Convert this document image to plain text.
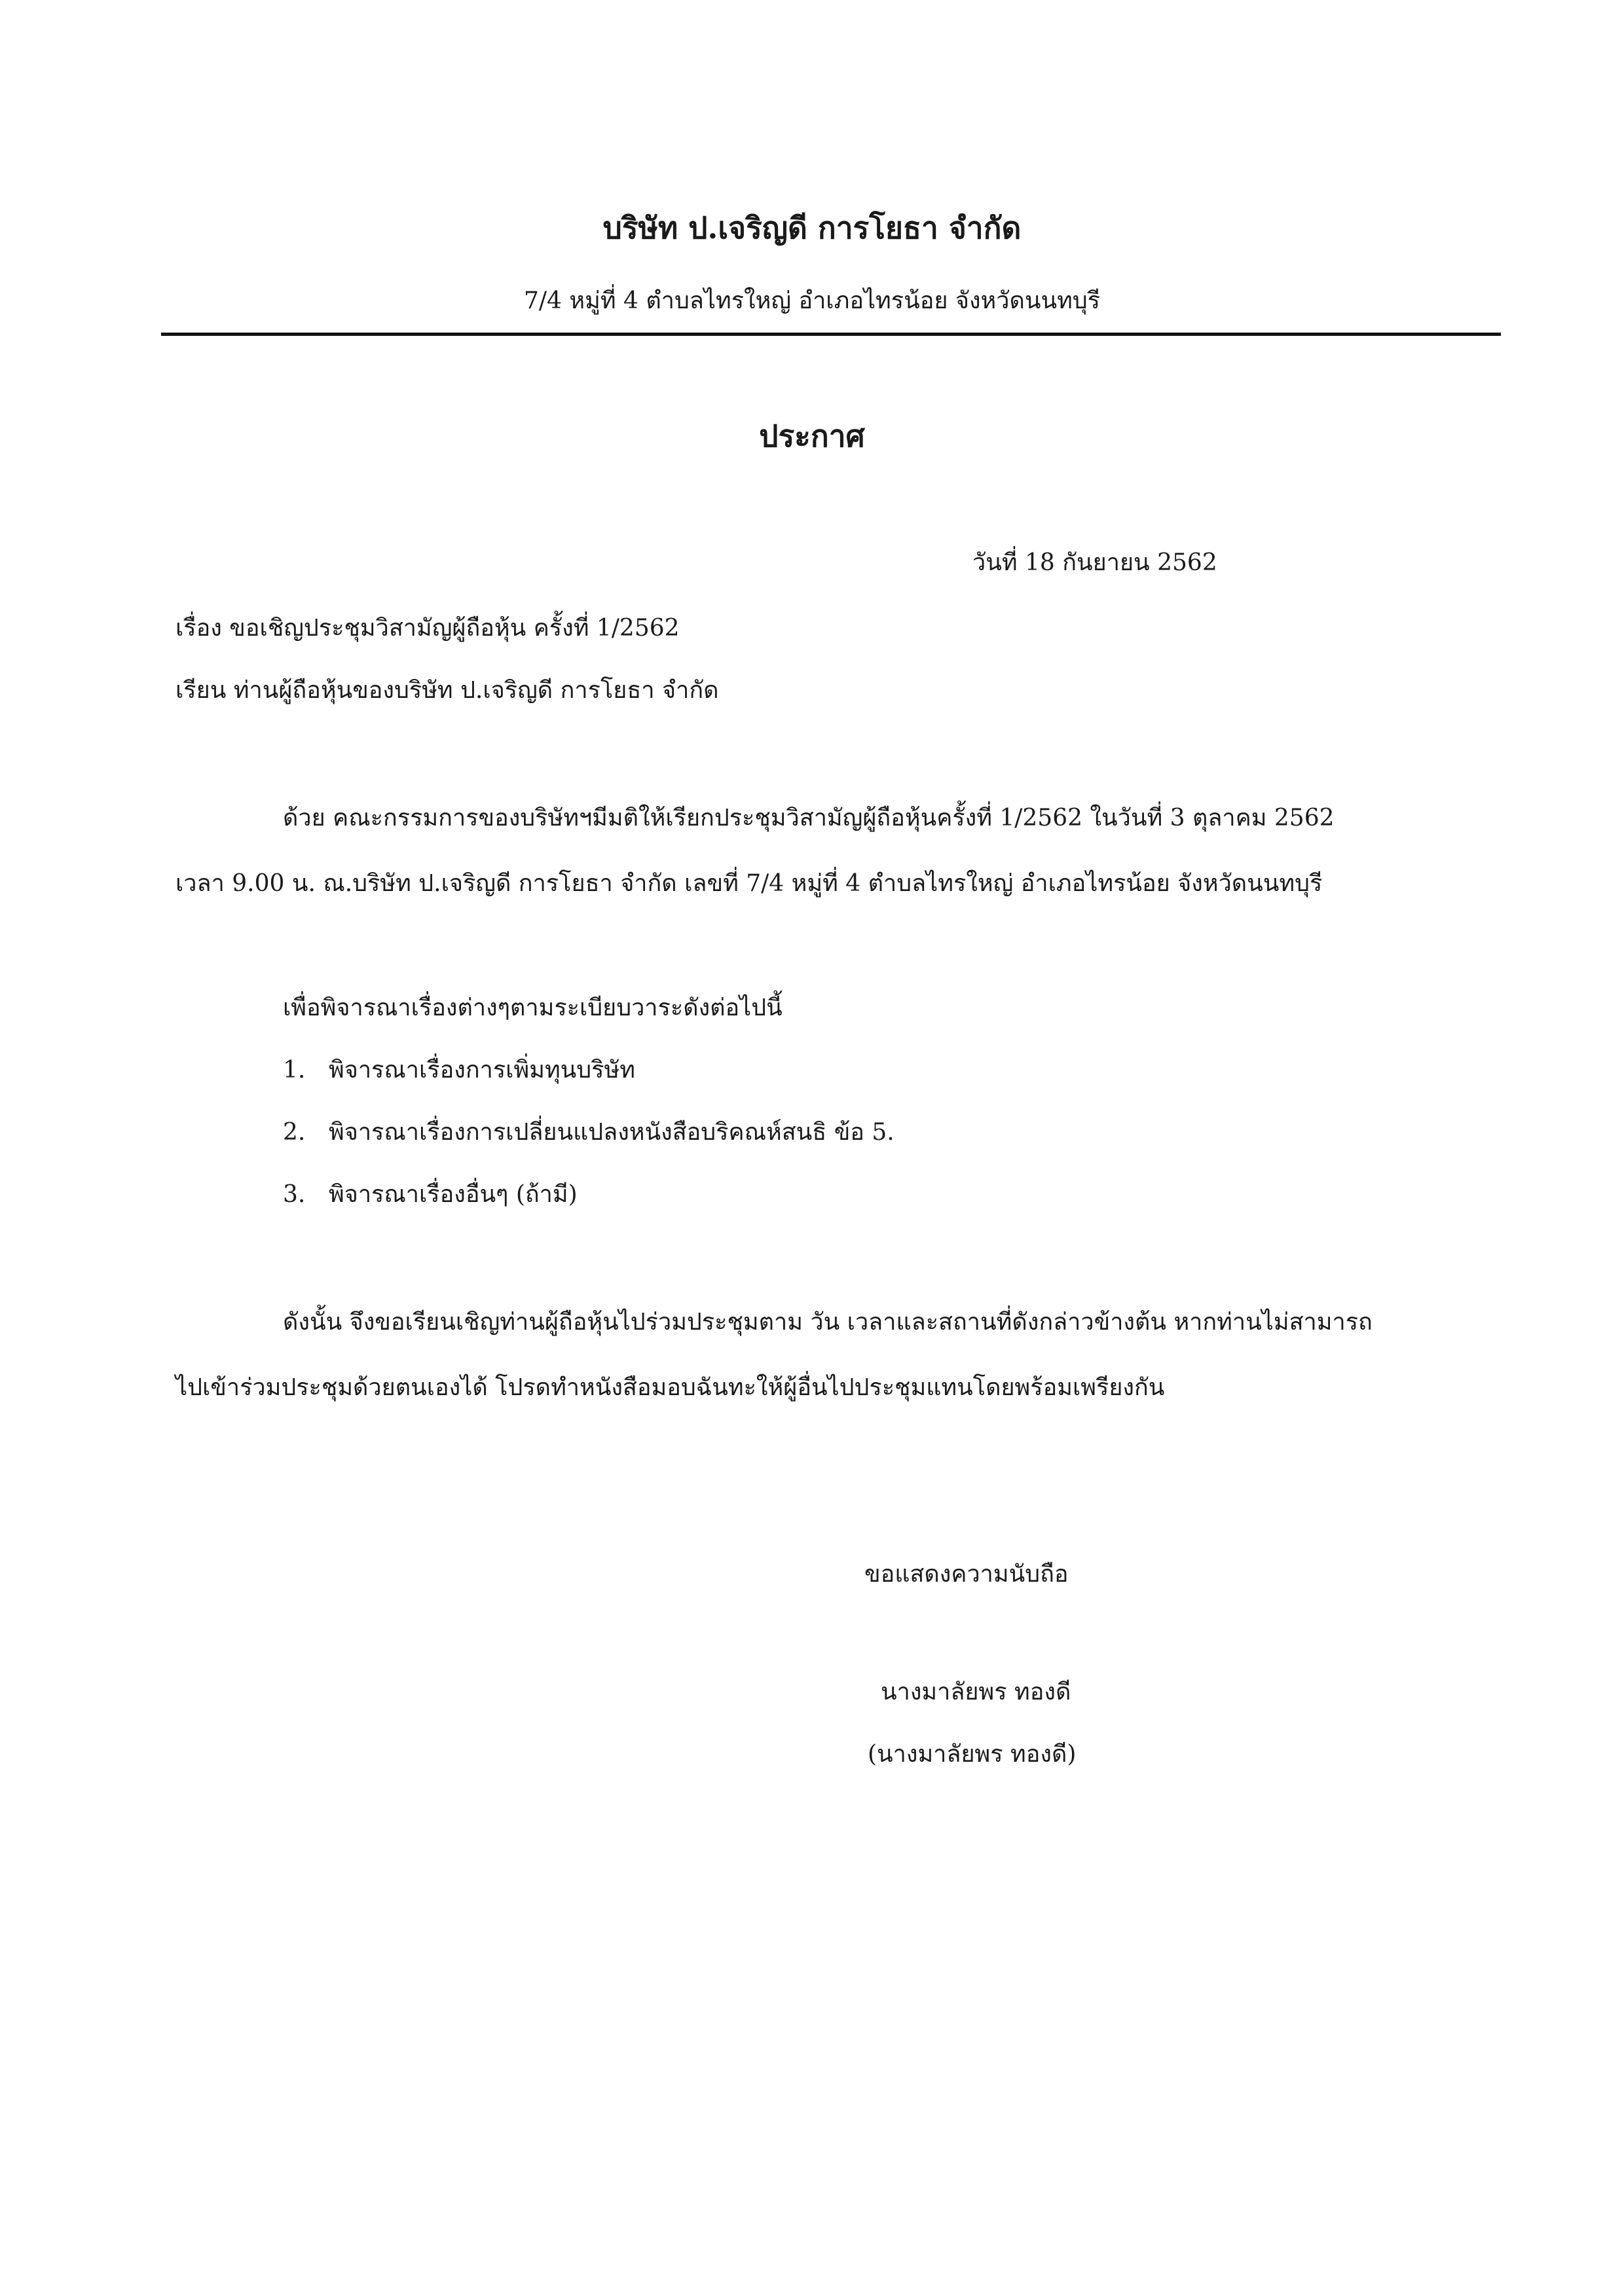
บริษัท ป.เจริญดี การโยธา จำกัด
7/4 หมู่ที่ 4 ตำบลไทรใหญ่ อำเภอไทรน้อย จังหวัดนนทบุรี
ประกาศ
วันที่ 18 กันยายน 2562
เรื่อง ขอเชิญประชุมวิสามัญผู้ถือหุ้น ครั้งที่ 1/2562
เรียน ท่านผู้ถือหุ้นของบริษัท ป.เจริญดี การโยธา จำกัด
ด้วย คณะกรรมการของบริษัทฯมีมติให้เรียกประชุมวิสามัญผู้ถือหุ้นครั้งที่ 1/2562 ในวันที่ 3 ตุลาคม 2562
เวลา 9.00 น. ณ.บริษัท ป.เจริญดี การโยธา จำกัด เลขที่ 7/4 หมู่ที่ 4 ตำบลไทรใหญ่ อำเภอไทรน้อย จังหวัดนนทบุรี
เพื่อพิจารณาเรื่องต่างๆตามระเบียบวาระดังต่อไปนี้
1. พิจารณาเรื่องการเพิ่มทุนบริษัท
2. พิจารณาเรื่องการเปลี่ยนแปลงหนังสือบริคณห์สนธิ ข้อ 5.
3. พิจารณาเรื่องอื่นๆ (ถ้ามี)
ดังนั้น จึงขอเรียนเชิญท่านผู้ถือหุ้นไปร่วมประชุมตาม วัน เวลาและสถานที่ดังกล่าวข้างต้น หากท่านไม่สามารถ
ไปเข้าร่วมประชุมด้วยตนเองได้ โปรดทำหนังสือมอบฉันทะให้ผู้อื่นไปประชุมแทนโดยพร้อมเพรียงกัน
ขอแสดงความนับถือ
นางมาลัยพร ทองดี
(นางมาลัยพร ทองดี)
